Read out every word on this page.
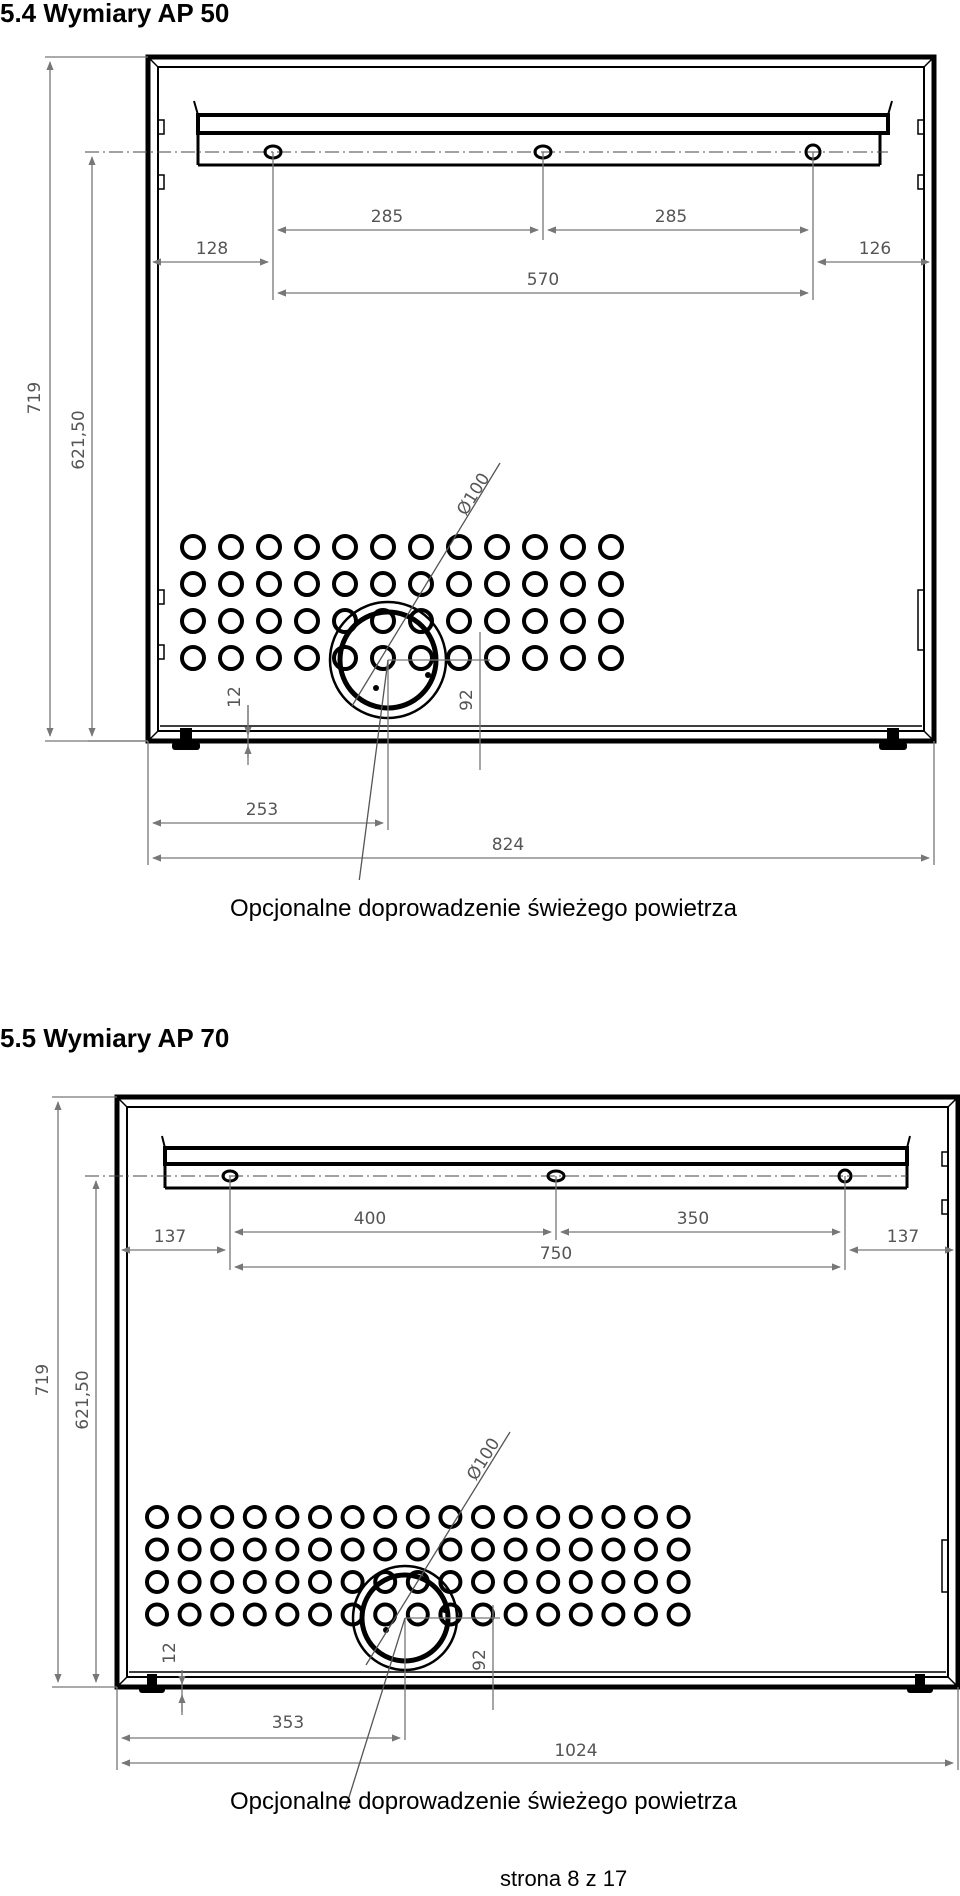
5.4 Wymiary AP 50
285	285
128	126
570
719
621,50
Ø100
12	92
253
824
Opcjonalne doprowadzenie świeżego powietrza
5.5 Wymiary AP 70
400	350
137	137
750
719 621,50
Ø100
12	92
353
1024
Opcjonalne doprowadzenie świeżego powietrza
strona 8 z 17
